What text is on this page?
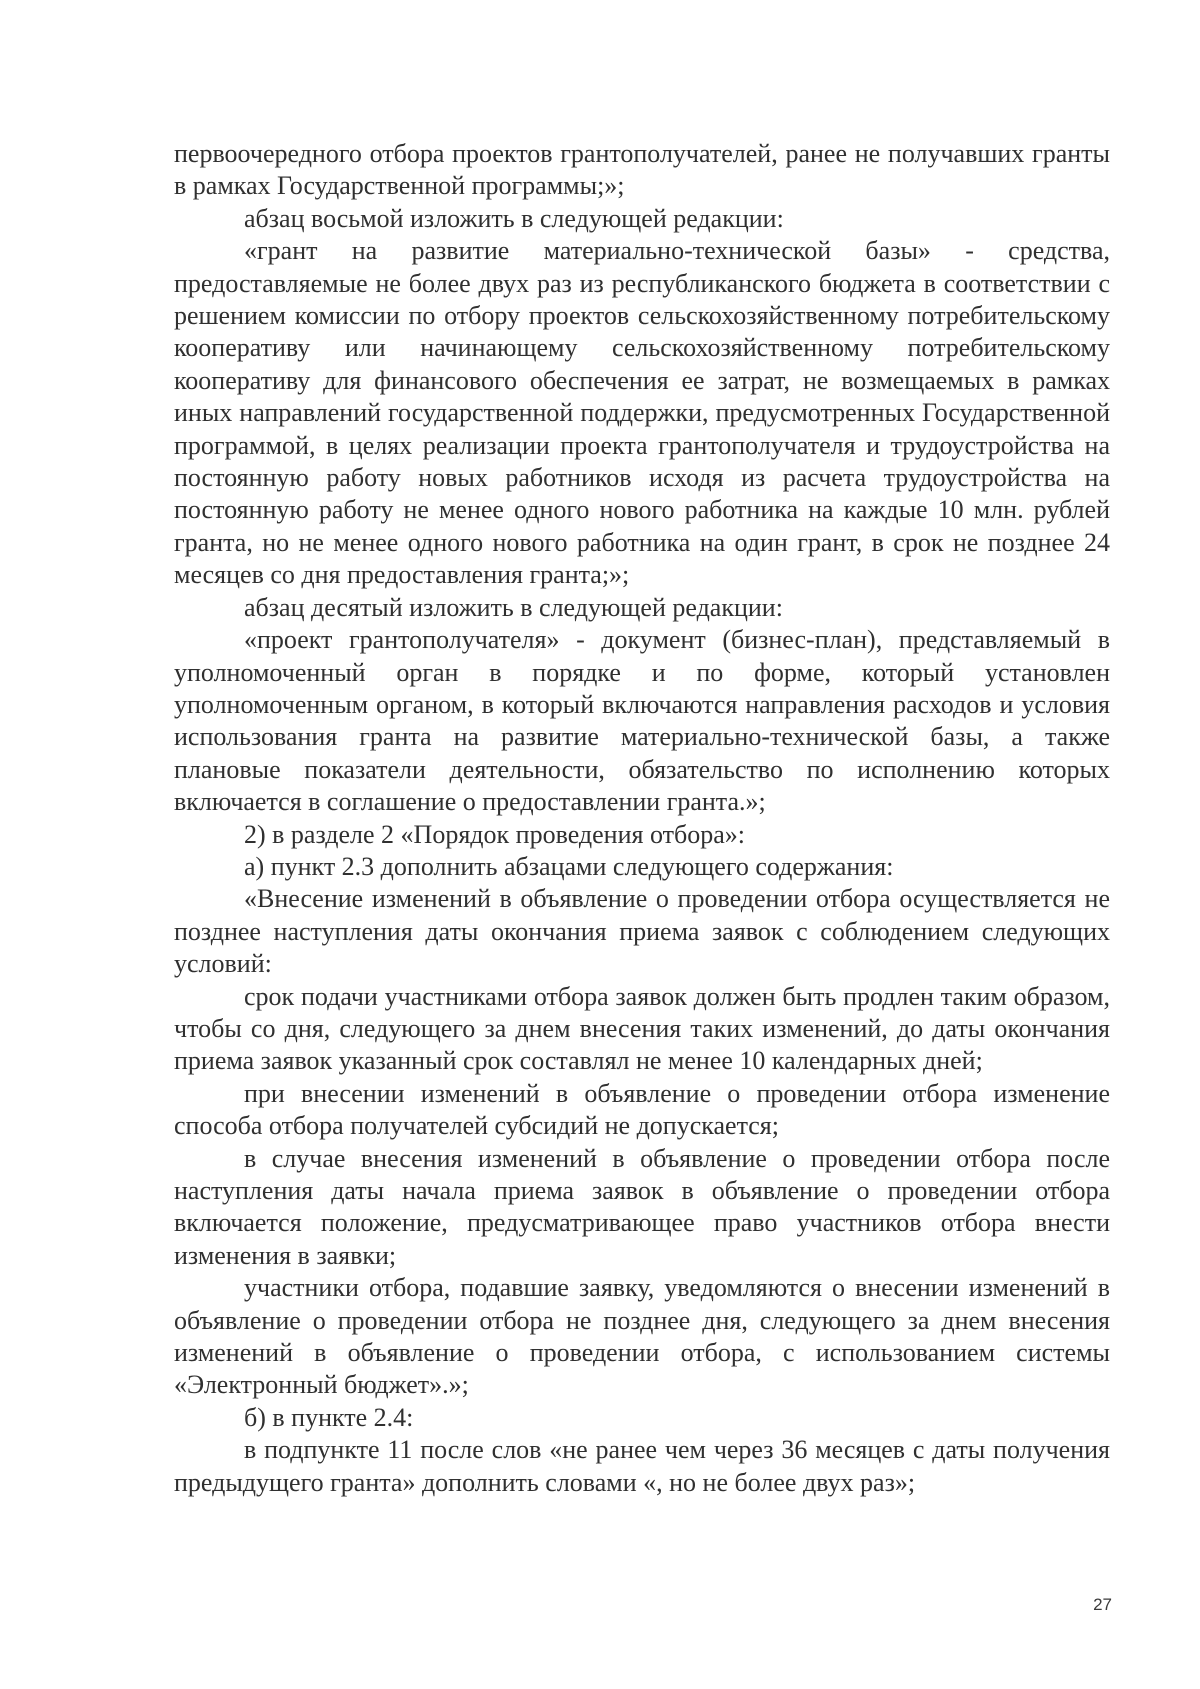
первоочередного отбора проектов грантополучателей, ранее не получавших гранты в рамках Государственной программы;»;

абзац восьмой изложить в следующей редакции:

«грант на развитие материально-технической базы» - средства, предоставляемые не более двух раз из республиканского бюджета в соответствии с решением комиссии по отбору проектов сельскохозяйственному потребительскому кооперативу или начинающему сельскохозяйственному потребительскому кооперативу для финансового обеспечения ее затрат, не возмещаемых в рамках иных направлений государственной поддержки, предусмотренных Государственной программой, в целях реализации проекта грантополучателя и трудоустройства на постоянную работу новых работников исходя из расчета трудоустройства на постоянную работу не менее одного нового работника на каждые 10 млн. рублей гранта, но не менее одного нового работника на один грант, в срок не позднее 24 месяцев со дня предоставления гранта;»;

абзац десятый изложить в следующей редакции:

«проект грантополучателя» - документ (бизнес-план), представляемый в уполномоченный орган в порядке и по форме, который установлен уполномоченным органом, в который включаются направления расходов и условия использования гранта на развитие материально-технической базы, а также плановые показатели деятельности, обязательство по исполнению которых включается в соглашение о предоставлении гранта.»;

2) в разделе 2 «Порядок проведения отбора»:

а) пункт 2.3 дополнить абзацами следующего содержания:

«Внесение изменений в объявление о проведении отбора осуществляется не позднее наступления даты окончания приема заявок с соблюдением следующих условий:

срок подачи участниками отбора заявок должен быть продлен таким образом, чтобы со дня, следующего за днем внесения таких изменений, до даты окончания приема заявок указанный срок составлял не менее 10 календарных дней;

при внесении изменений в объявление о проведении отбора изменение способа отбора получателей субсидий не допускается;

в случае внесения изменений в объявление о проведении отбора после наступления даты начала приема заявок в объявление о проведении отбора включается положение, предусматривающее право участников отбора внести изменения в заявки;

участники отбора, подавшие заявку, уведомляются о внесении изменений в объявление о проведении отбора не позднее дня, следующего за днем внесения изменений в объявление о проведении отбора, с использованием системы «Электронный бюджет».»;

б) в пункте 2.4:

в подпункте 11 после слов «не ранее чем через 36 месяцев с даты получения предыдущего гранта» дополнить словами «, но не более двух раз»;

27
